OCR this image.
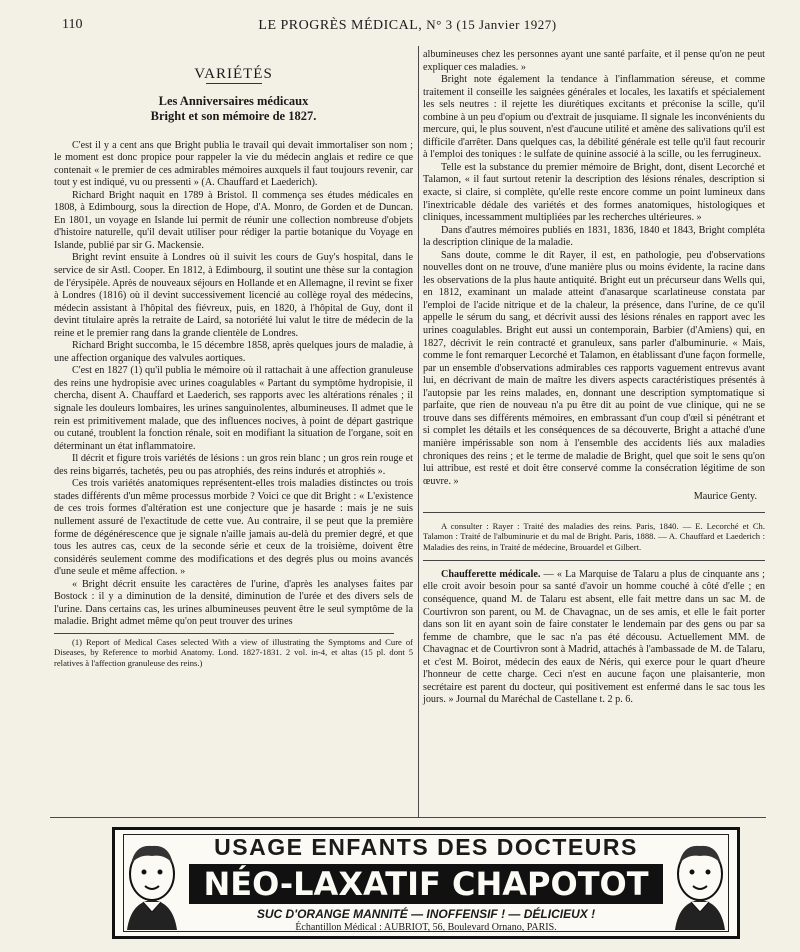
110	LE PROGRÈS MÉDICAL, N° 3 (15 Janvier 1927)
VARIÉTÉS
Les Anniversaires médicaux
Bright et son mémoire de 1827.

C'est il y a cent ans que Bright publia le travail qui devait immortaliser son nom ; le moment est donc propice pour rappeler la vie du médecin anglais et redire ce que contenait « le premier de ces admirables mémoires auxquels il faut toujours revenir, car tout y est indiqué, vu ou pressenti » (A. Chauffard et Laederich).

Richard Bright naquit en 1789 à Bristol. Il commença ses études médicales en 1808, à Edimbourg, sous la direction de Hope, d'A. Monro, de Gorden et de Duncan. En 1801, un voyage en Islande lui permit de réunir une collection nombreuse d'objets d'histoire naturelle, qu'il devait utiliser pour rédiger la partie botanique du Voyage en Islande, publié par sir G. Mackensie.

Bright revint ensuite à Londres où il suivit les cours de Guy's hospital, dans le service de sir Astl. Cooper. En 1812, à Edimbourg, il soutint une thèse sur la contagion de l'érysipèle. Après de nouveaux séjours en Hollande et en Allemagne, il revint se fixer à Londres (1816) où il devint successivement licencié au collège royal des médecins, médecin assistant à l'hôpital des fiévreux, puis, en 1820, à l'hôpital de Guy, dont il devint titulaire après la retraite de Laird, sa notoriété lui valut le titre de médecin de la reine et le premier rang dans la grande clientèle de Londres.

Richard Bright succomba, le 15 décembre 1858, après quelques jours de maladie, à une affection organique des valvules aortiques.

C'est en 1827 (1) qu'il publia le mémoire où il rattachait à une affection granuleuse des reins une hydropisie avec urines coagulables « Partant du symptôme hydropisie, il chercha, disent A. Chauffard et Laederich, ses rapports avec les altérations rénales ; il signale les douleurs lombaires, les urines sanguinolentes, albumineuses. Il admet que le rein est primitivement malade, que des influences nocives, à point de départ gastrique ou cutané, troublent la fonction rénale, soit en modifiant la situation de l'organe, soit en déterminant un état inflammatoire.

Il décrit et figure trois variétés de lésions : un gros rein blanc ; un gros rein rouge et des reins bigarrés, tachetés, peu ou pas atrophiés, des reins indurés et atrophiés ».

Ces trois variétés anatomiques représentent-elles trois maladies distinctes ou trois stades différents d'un même processus morbide ? Voici ce que dit Bright : « L'existence de ces trois formes d'altération est une conjecture que je hasarde : mais je ne suis nullement assuré de l'exactitude de cette vue. Au contraire, il se peut que la première forme de dégénérescence que je signale n'aille jamais au-delà du premier degré, et que tous les autres cas, ceux de la seconde série et ceux de la troisième, doivent être considérés seulement comme des modifications et des degrés plus ou moins avancés d'une seule et même affection. »

« Bright décrit ensuite les caractères de l'urine, d'après les analyses faites par Bostock : il y a diminution de la densité, diminution de l'urée et des divers sels de l'urine. Dans certains cas, les urines albumineuses peuvent être le seul symptôme de la maladie. Bright admet même qu'on peut trouver des urines

(1) Report of Medical Cases selected With a view of illustrating the Symptoms and Cure of Diseases, by Reference to morbid Anatomy. Lond. 1827-1831. 2 vol. in-4, et altas (15 pl. dont 5 relatives à l'affection granuleuse des reins.)

albumineuses chez les personnes ayant une santé parfaite, et il pense qu'on ne peut expliquer ces maladies. »

Bright note également la tendance à l'inflammation séreuse, et comme traitement il conseille les saignées générales et locales, les laxatifs et spécialement les sels neutres : il rejette les diurétiques excitants et préconise la scille, qu'il combine à un peu d'opium ou d'extrait de jusquiame. Il signale les inconvénients du mercure, qui, le plus souvent, n'est d'aucune utilité et amène des salivations qu'il est difficile d'arrêter. Dans quelques cas, la débilité générale est telle qu'il faut recourir à l'emploi des toniques : le sulfate de quinine associé à la scille, ou les ferrugineux.

Telle est la substance du premier mémoire de Bright, dont, disent Lecorché et Talamon, « il faut surtout retenir la description des lésions rénales, description si exacte, si claire, si complète, qu'elle reste encore comme un point lumineux dans l'inextricable dédale des variétés et des formes anatomiques, histologiques et cliniques, incessamment multipliées par les recherches ultérieures. »

Dans d'autres mémoires publiés en 1831, 1836, 1840 et 1843, Bright compléta la description clinique de la maladie.

Sans doute, comme le dit Rayer, il est, en pathologie, peu d'observations nouvelles dont on ne trouve, d'une manière plus ou moins évidente, la racine dans les observations de la plus haute antiquité. Bright eut un précurseur dans Wells qui, en 1812, examinant un malade atteint d'anasarque scarlatineuse constata par l'emploi de l'acide nitrique et de la chaleur, la présence, dans l'urine, de ce qu'il appelle le sérum du sang, et décrivit aussi des lésions rénales en rapport avec les urines coagulables. Bright eut aussi un contemporain, Barbier (d'Amiens) qui, en 1827, décrivit le rein contracté et granuleux, sans parler d'albuminurie. « Mais, comme le font remarquer Lecorché et Talamon, en établissant d'une façon formelle, par un ensemble d'observations admirables ces rapports vaguement entrevus avant lui, en décrivant de main de maître les divers aspects caractéristiques présentés à l'autopsie par les reins malades, en, donnant une description symptomatique si parfaite, que rien de nouveau n'a pu être dit au point de vue clinique, qui ne se trouve dans ses différents mémoires, en embrassant d'un coup d'œil si pénétrant et si complet les détails et les conséquences de sa découverte, Bright a attaché d'une manière impérissable son nom à l'ensemble des accidents liés aux maladies chroniques des reins ; et le terme de maladie de Bright, quel que soit le sens qu'on lui attribue, est resté et doit être conservé comme la consécration légitime de son œuvre. »

Maurice Genty.

A consulter : Rayer : Traité des maladies des reins. Paris, 1840. — E. Lecorché et Ch. Talamon : Traité de l'albuminurie et du mal de Bright. Paris, 1888. — A. Chauffard et Laederich : Maladies des reins, in Traité de médecine, Brouardel et Gilbert.

Chaufferette médicale. — « La Marquise de Talaru a plus de cinquante ans ; elle croit avoir besoin pour sa santé d'avoir un homme couché à côté d'elle ; en conséquence, quand M. de Talaru est absent, elle fait mettre dans un sac M. de Courtivron son parent, ou M. de Chavagnac, un de ses amis, et elle le fait porter dans son lit en ayant soin de faire constater le lendemain par des gens ou par sa femme de chambre, que le sac n'a pas été décousu. Actuellement MM. de Chavagnac et de Courtivron sont à Madrid, attachés à l'ambassade de M. de Talaru, et c'est M. Boirot, médecin des eaux de Néris, qui exerce pour le quart d'heure l'honneur de cette charge. Ceci n'est en aucune façon une plaisanterie, mon secrétaire est parent du docteur, qui positivement est enfermé dans le sac tous les jours. » Journal du Maréchal de Castellane t. 2 p. 6.

USAGE ENFANTS DES DOCTEURS
NÉO-LAXATIF CHAPOTOT
SUC D'ORANGE MANNITÉ — INOFFENSIF ! — DÉLICIEUX !
Échantillon Médical : AUBRIOT, 56, Boulevard Ornano, PARIS.
